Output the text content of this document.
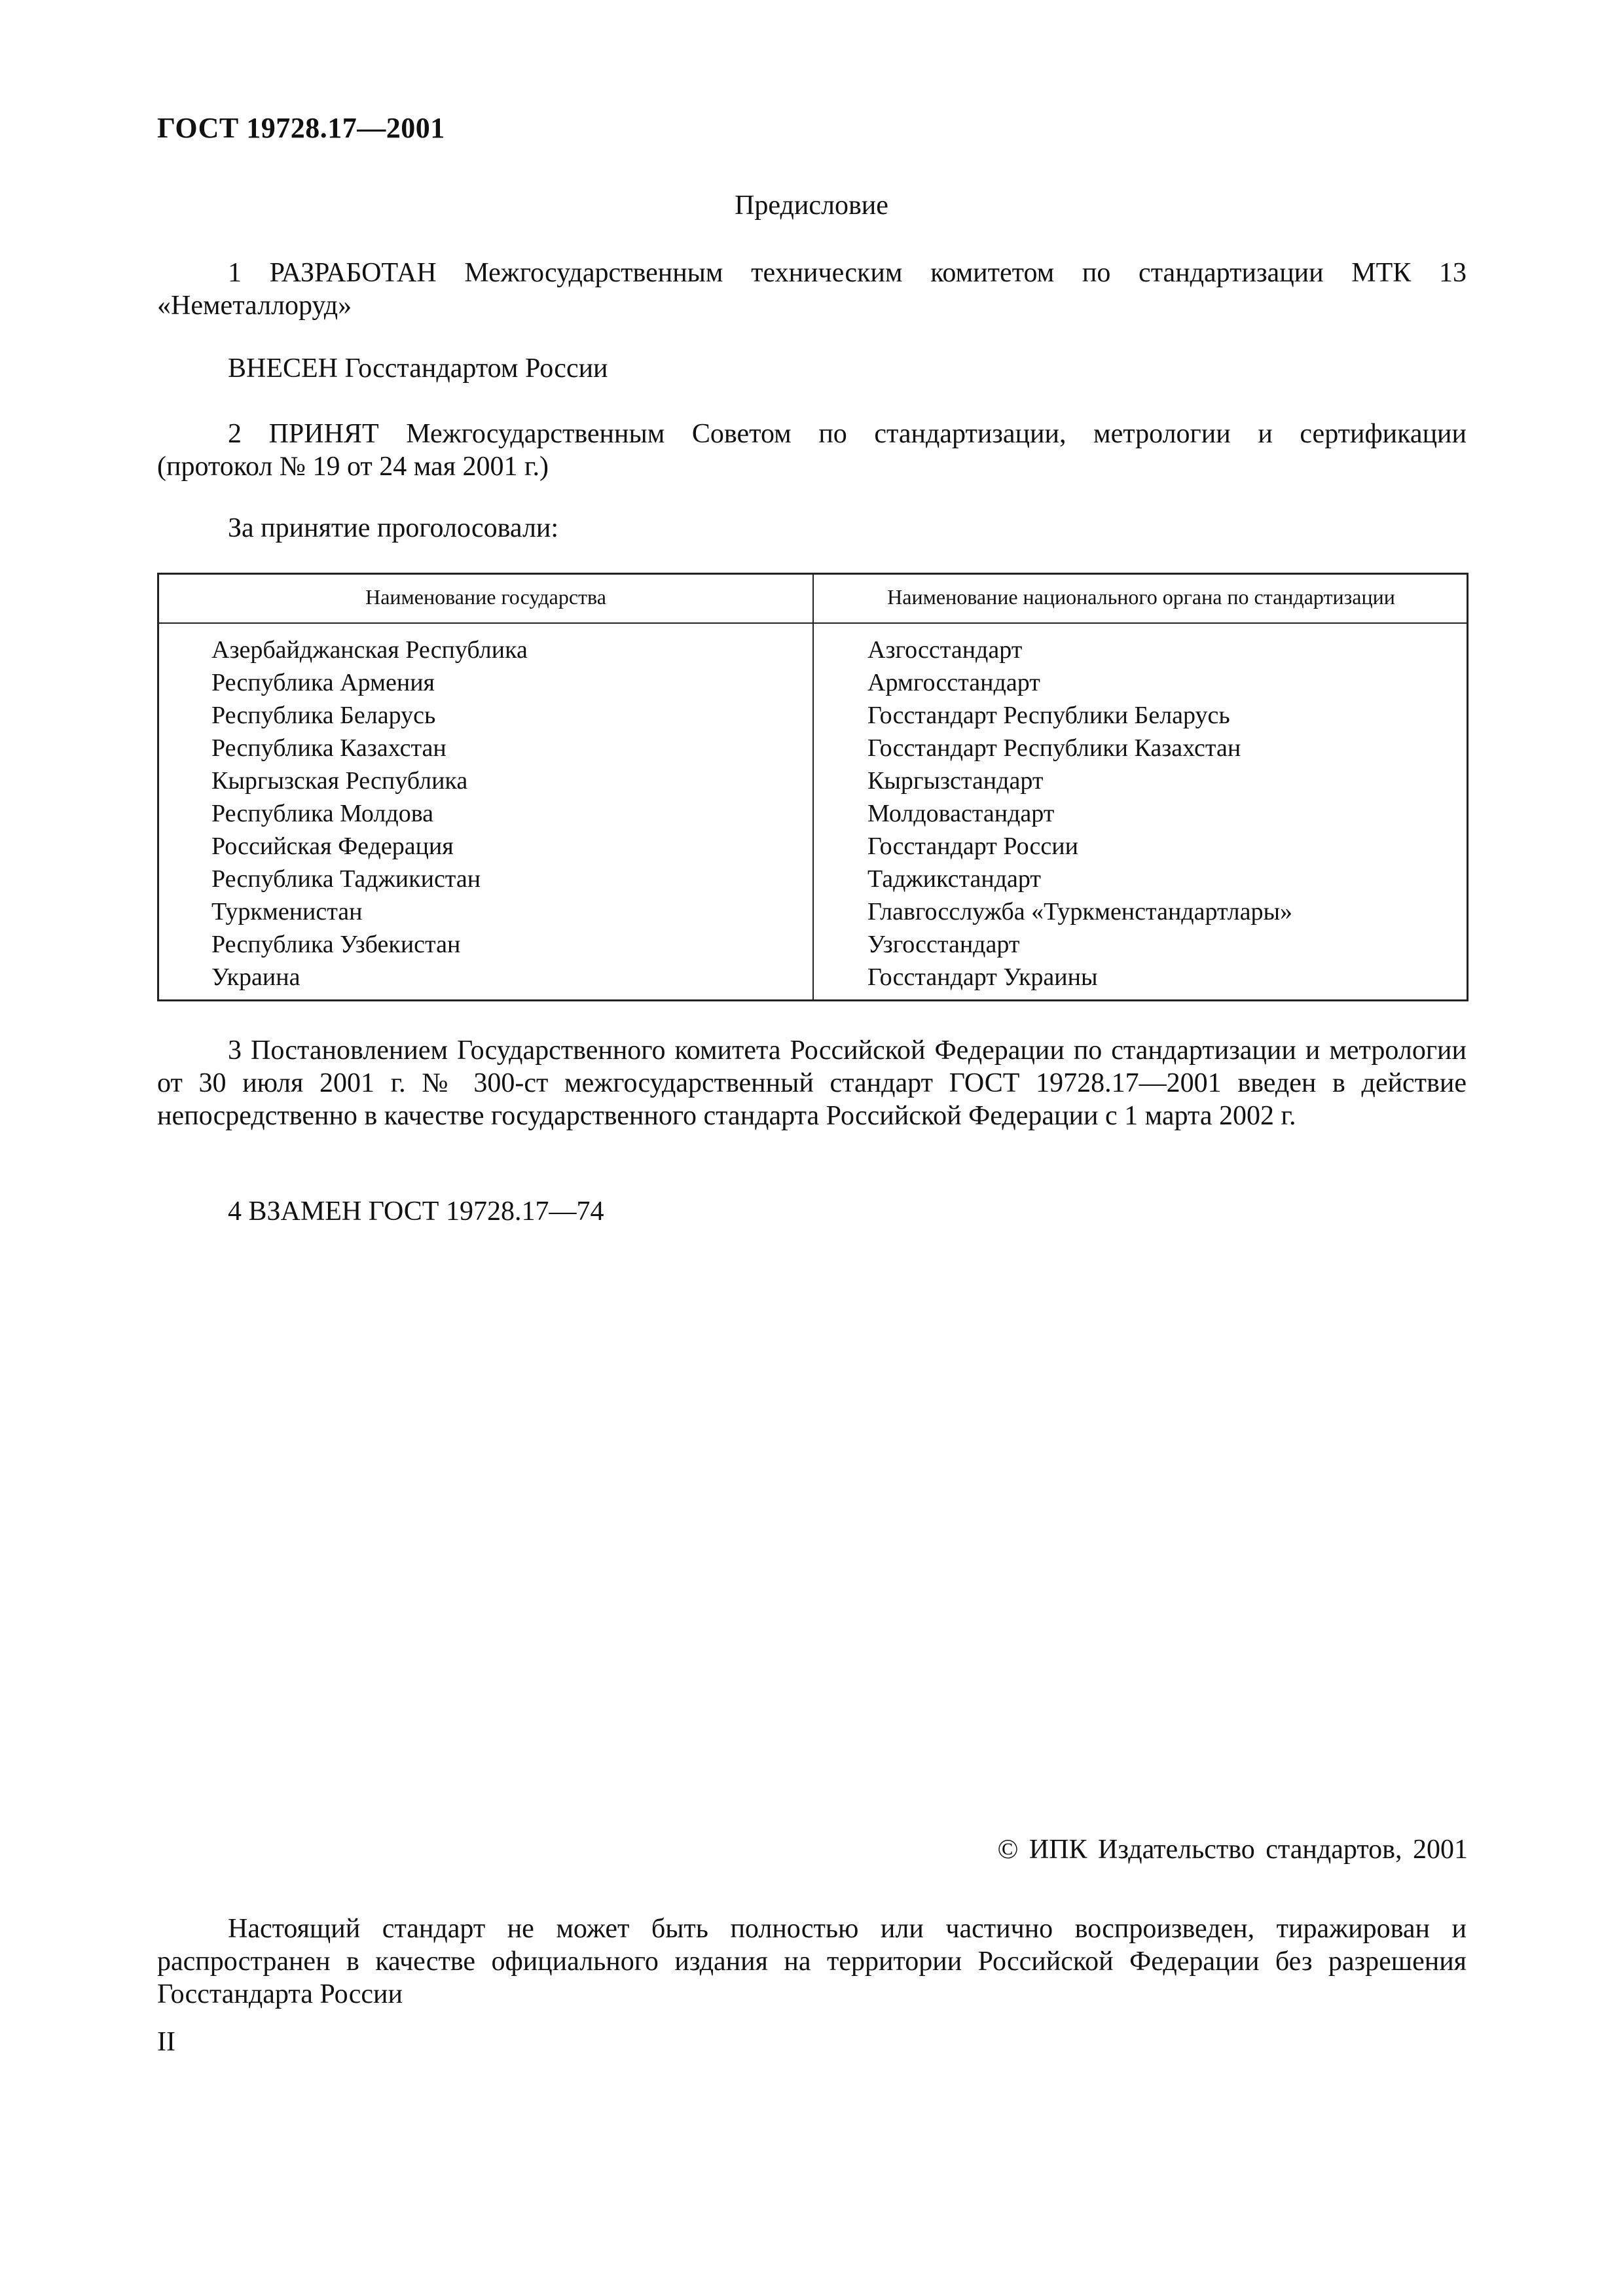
ГОСТ 19728.17—2001
Предисловие
1 РАЗРАБОТАН Межгосударственным техническим комитетом по стандартизации МТК 13
«Неметаллоруд»
ВНЕСЕН Госстандартом России
2 ПРИНЯТ Межгосударственным Советом по стандартизации, метрологии и сертификации
(протокол № 19 от 24 мая 2001 г.)
За принятие проголосовали:
Наименование государства	Наименование национального органа по стандартизации
Азербайджанская Республика
Республика Армения
Республика Беларусь
Республика Казахстан
Кыргызская Республика
Республика Молдова
Российская Федерация
Республика Таджикистан
Туркменистан
Республика Узбекистан
Украина
Азгосстандарт
Армгосстандарт
Госстандарт Республики Беларусь
Госстандарт Республики Казахстан
Кыргызстандарт
Молдовастандарт
Госстандарт России
Таджикстандарт
Главгосслужба «Туркменстандартлары»
Узгосстандарт
Госстандарт Украины
3 Постановлением Государственного комитета Российской Федерации по стандартизации и метрологии от 30 июля 2001 г. № 300-ст межгосударственный стандарт ГОСТ 19728.17—2001 введен в действие непосредственно в качестве государственного стандарта Российской Федерации с 1 марта 2002 г.
4 ВЗАМЕН ГОСТ 19728.17—74
© ИПК Издательство стандартов, 2001
Настоящий стандарт не может быть полностью или частично воспроизведен, тиражирован и распространен в качестве официального издания на территории Российской Федерации без разрешения Госстандарта России
II
